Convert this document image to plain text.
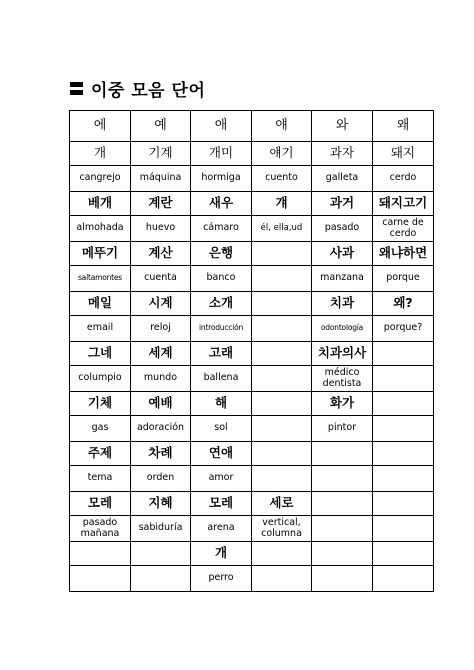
이중 모음 단어
에	예	애	얘	와	왜
개	기계	개미	얘기	과자	돼지
cangrejo	máquina	hormiga	cuento	galleta	cerdo
베개	계란	새우	걔	과거	돼지고기
almohada	huevo	cámaro	él, ella,ud	pasado	carne de cerdo
메뚜기	계산	은행		사과	왜냐하면
saltamontes	cuenta	banco		manzana	porque
메일	시계	소개		치과	왜?
email	reloj	introducción		odontología	porque?
그네	세계	고래		치과의사	
columpio	mundo	ballena		médico dentista	
기체	예배	해		화가	
gas	adoración	sol		pintor	
주제	차례	연애			
tema	orden	amor			
모레	지혜	모레	세로		
pasado mañana	sabiduría	arena	vertical, columna		
		개			
		perro			
